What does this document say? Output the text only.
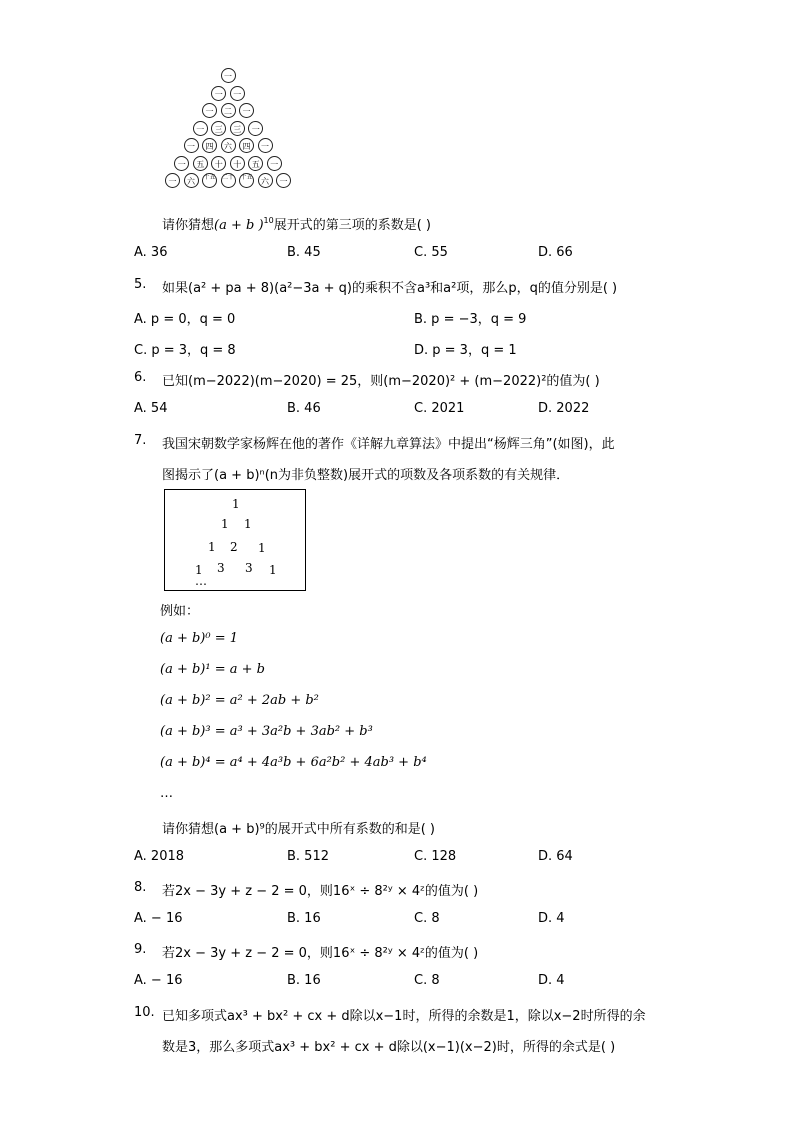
一
一	一
一	二	一
一	三	三	一
一	四	六	四	一
一	五	十	十	五	一
一	六	十五 二十 十五	六	一
请你猜想(a + b )$^{10}$展开式的第三项的系数是( )
A. 36	B. 45	C. 55	D. 66
5. 如果(a² + pa + 8)(a²−3a + q)的乘积不含a³和a²项，那么p，q的值分别是( )
A. p = 0，q = 0	B. p = −3，q = 9
C. p = 3，q = 8	D. p = 3，q = 1
6. 已知(m−2022)(m−2020) = 25，则(m−2020)² + (m−2022)²的值为( )
A. 54	B. 46	C. 2021	D. 2022
7. 我国宋朝数学家杨辉在他的著作《详解九章算法》中提出“杨辉三角”(如图)，此
图揭示了(a + b)ⁿ(n为非负整数)展开式的项数及各项系数的有关规律．
1
1 1
1 2 1
1 3 3 1
…
例如：
(a + b)⁰ = 1
(a + b)¹ = a + b
(a + b)² = a² + 2ab + b²
(a + b)³ = a³ + 3a²b + 3ab² + b³
(a + b)⁴ = a⁴ + 4a³b + 6a²b² + 4ab³ + b⁴
…
请你猜想(a + b)⁹的展开式中所有系数的和是( )
A. 2018	B. 512	C. 128	D. 64
8. 若2x − 3y + z − 2 = 0，则16ˣ ÷ 8²ʸ × 4ᶻ的值为( )
A. − 16	B. 16	C. 8	D. 4
9. 若2x − 3y + z − 2 = 0，则16ˣ ÷ 8²ʸ × 4ᶻ的值为( )
A. − 16	B. 16	C. 8	D. 4
10. 已知多项式ax³ + bx² + cx + d除以x−1时，所得的余数是1，除以x−2时所得的余
数是3，那么多项式ax³ + bx² + cx + d除以(x−1)(x−2)时，所得的余式是( )
